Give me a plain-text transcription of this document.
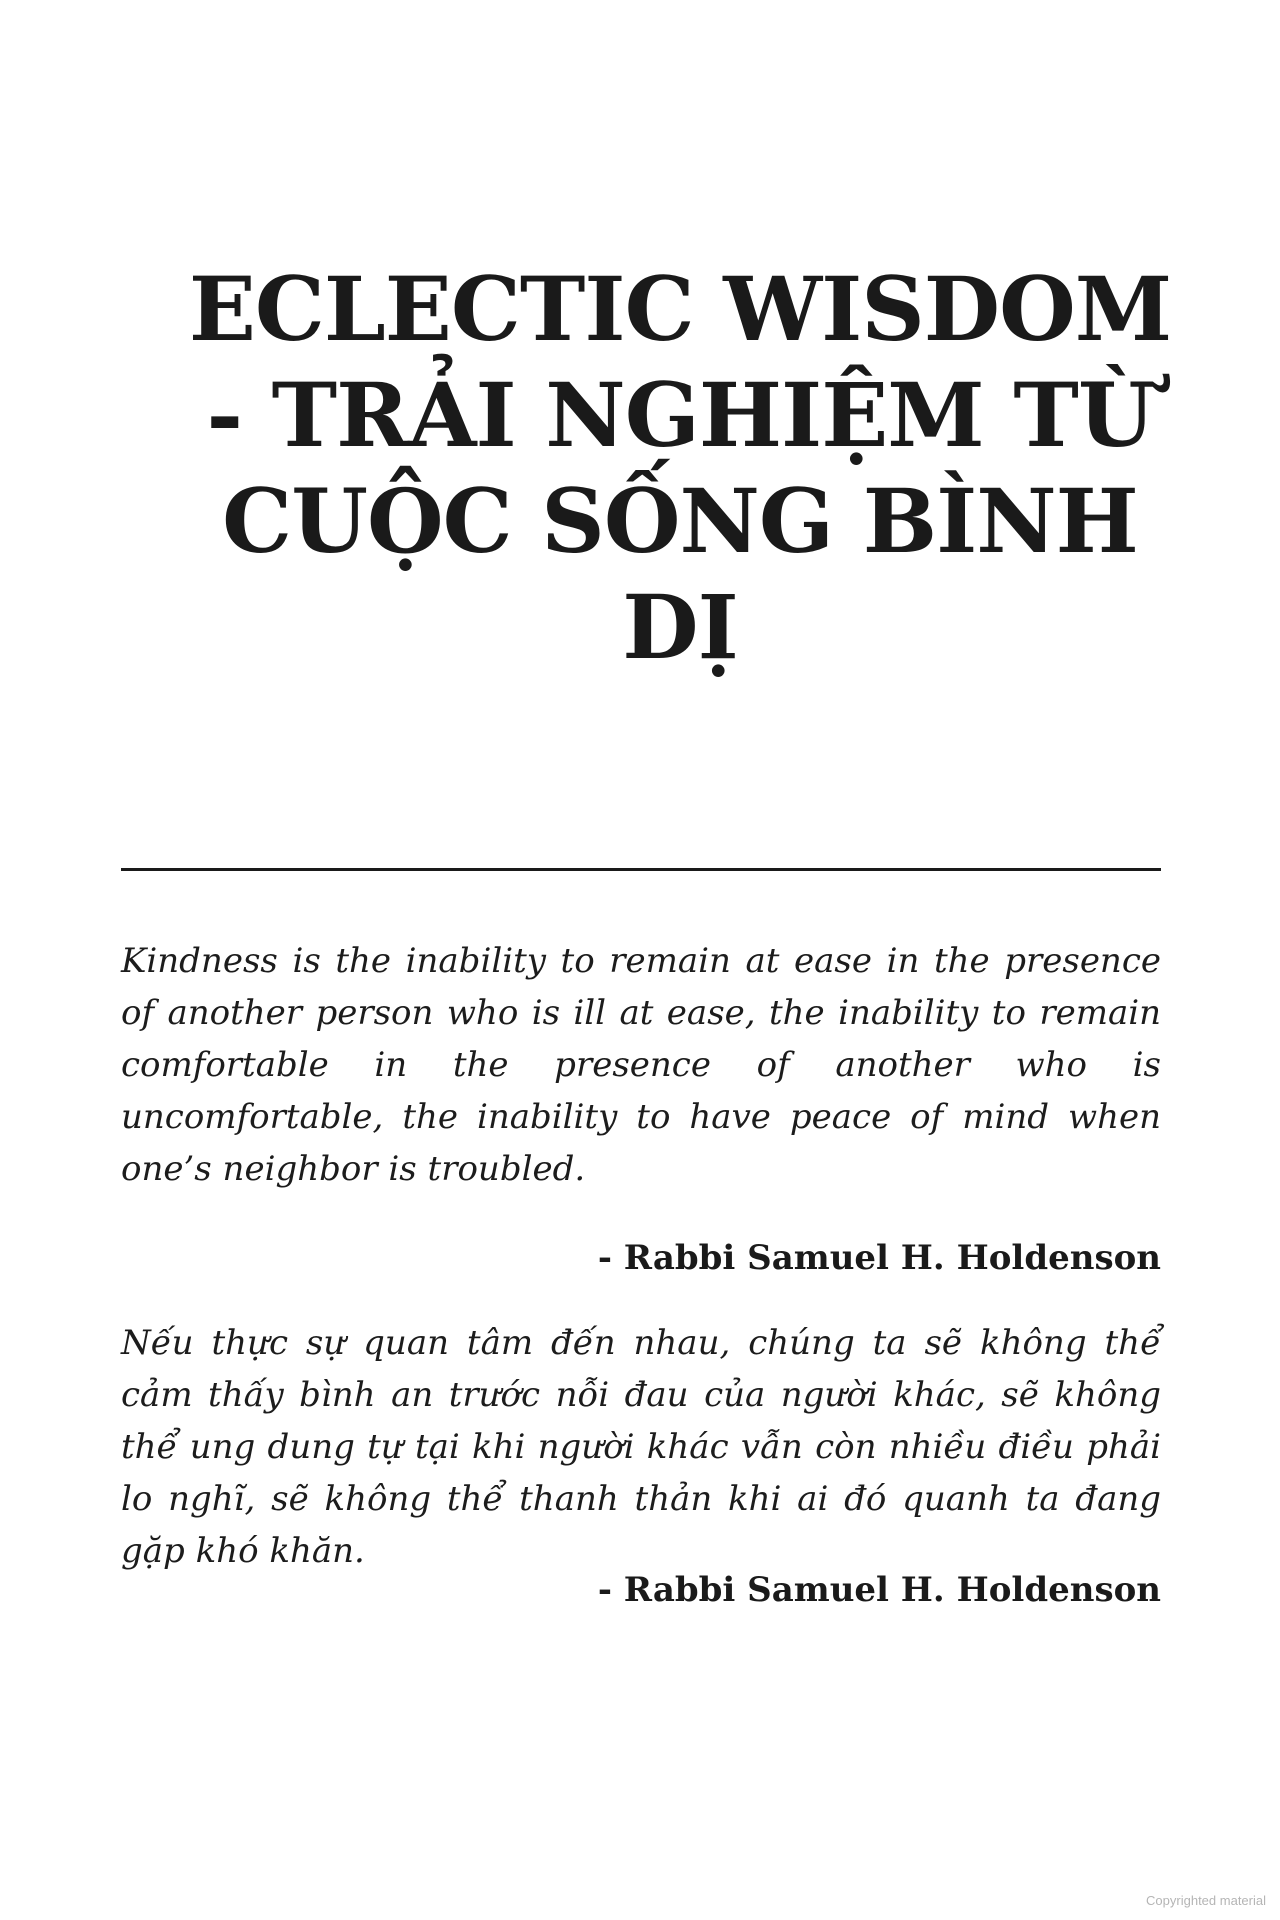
ECLECTIC WISDOM - TRẢI NGHIỆM TỪ CUỘC SỐNG BÌNH DỊ

Kindness is the inability to remain at ease in the presence of another person who is ill at ease, the inability to remain comfortable in the presence of another who is uncomfortable, the inability to have peace of mind when one’s neighbor is troubled.

- Rabbi Samuel H. Holdenson

Nếu thực sự quan tâm đến nhau, chúng ta sẽ không thể cảm thấy bình an trước nỗi đau của người khác, sẽ không thể ung dung tự tại khi người khác vẫn còn nhiều điều phải lo nghĩ, sẽ không thể thanh thản khi ai đó quanh ta đang gặp khó khăn.

- Rabbi Samuel H. Holdenson

Copyrighted material
